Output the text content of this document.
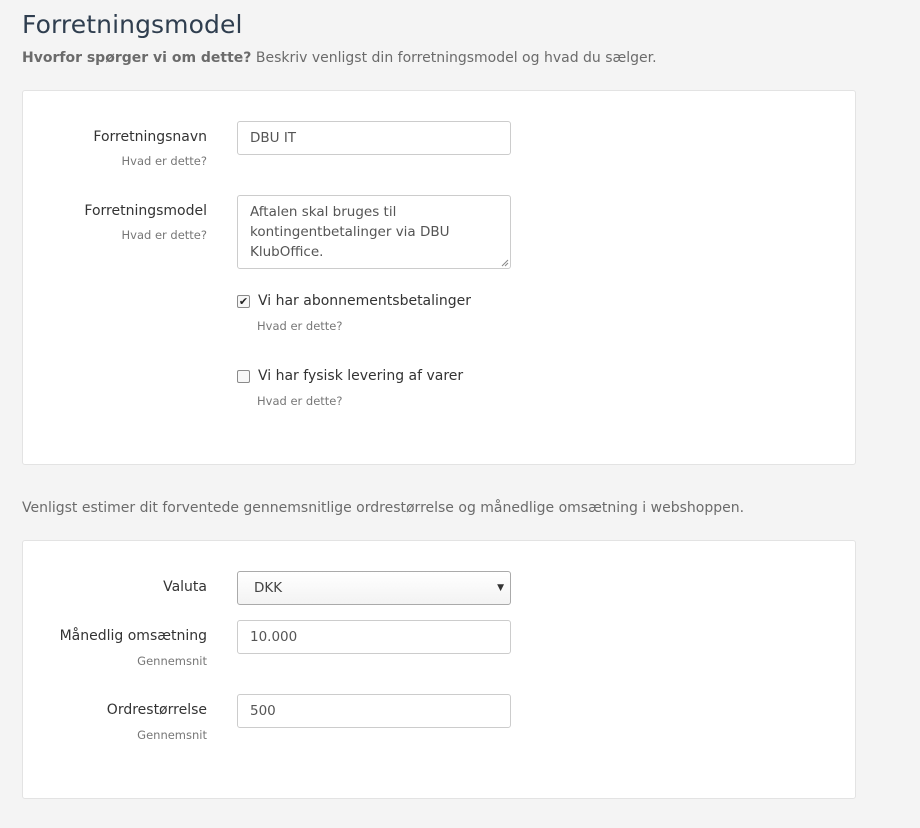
Forretningsmodel

Hvorfor spørger vi om dette? Beskriv venligst din forretningsmodel og hvad du sælger.

Forretningsnavn
Hvad er dette?
DBU IT
Forretningsmodel
Hvad er dette?
Aftalen skal bruges til
kontingentbetalinger via DBU
KlubOffice.
✔ Vi har abonnementsbetalinger
Hvad er dette?
Vi har fysisk levering af varer
Hvad er dette?

Venligst estimer dit forventede gennemsnitlige ordrestørrelse og månedlige omsætning i webshoppen.

Valuta	DKK	▼
Månedlig omsætning
Gennemsnit
10.000
Ordrestørrelse
Gennemsnit
500
